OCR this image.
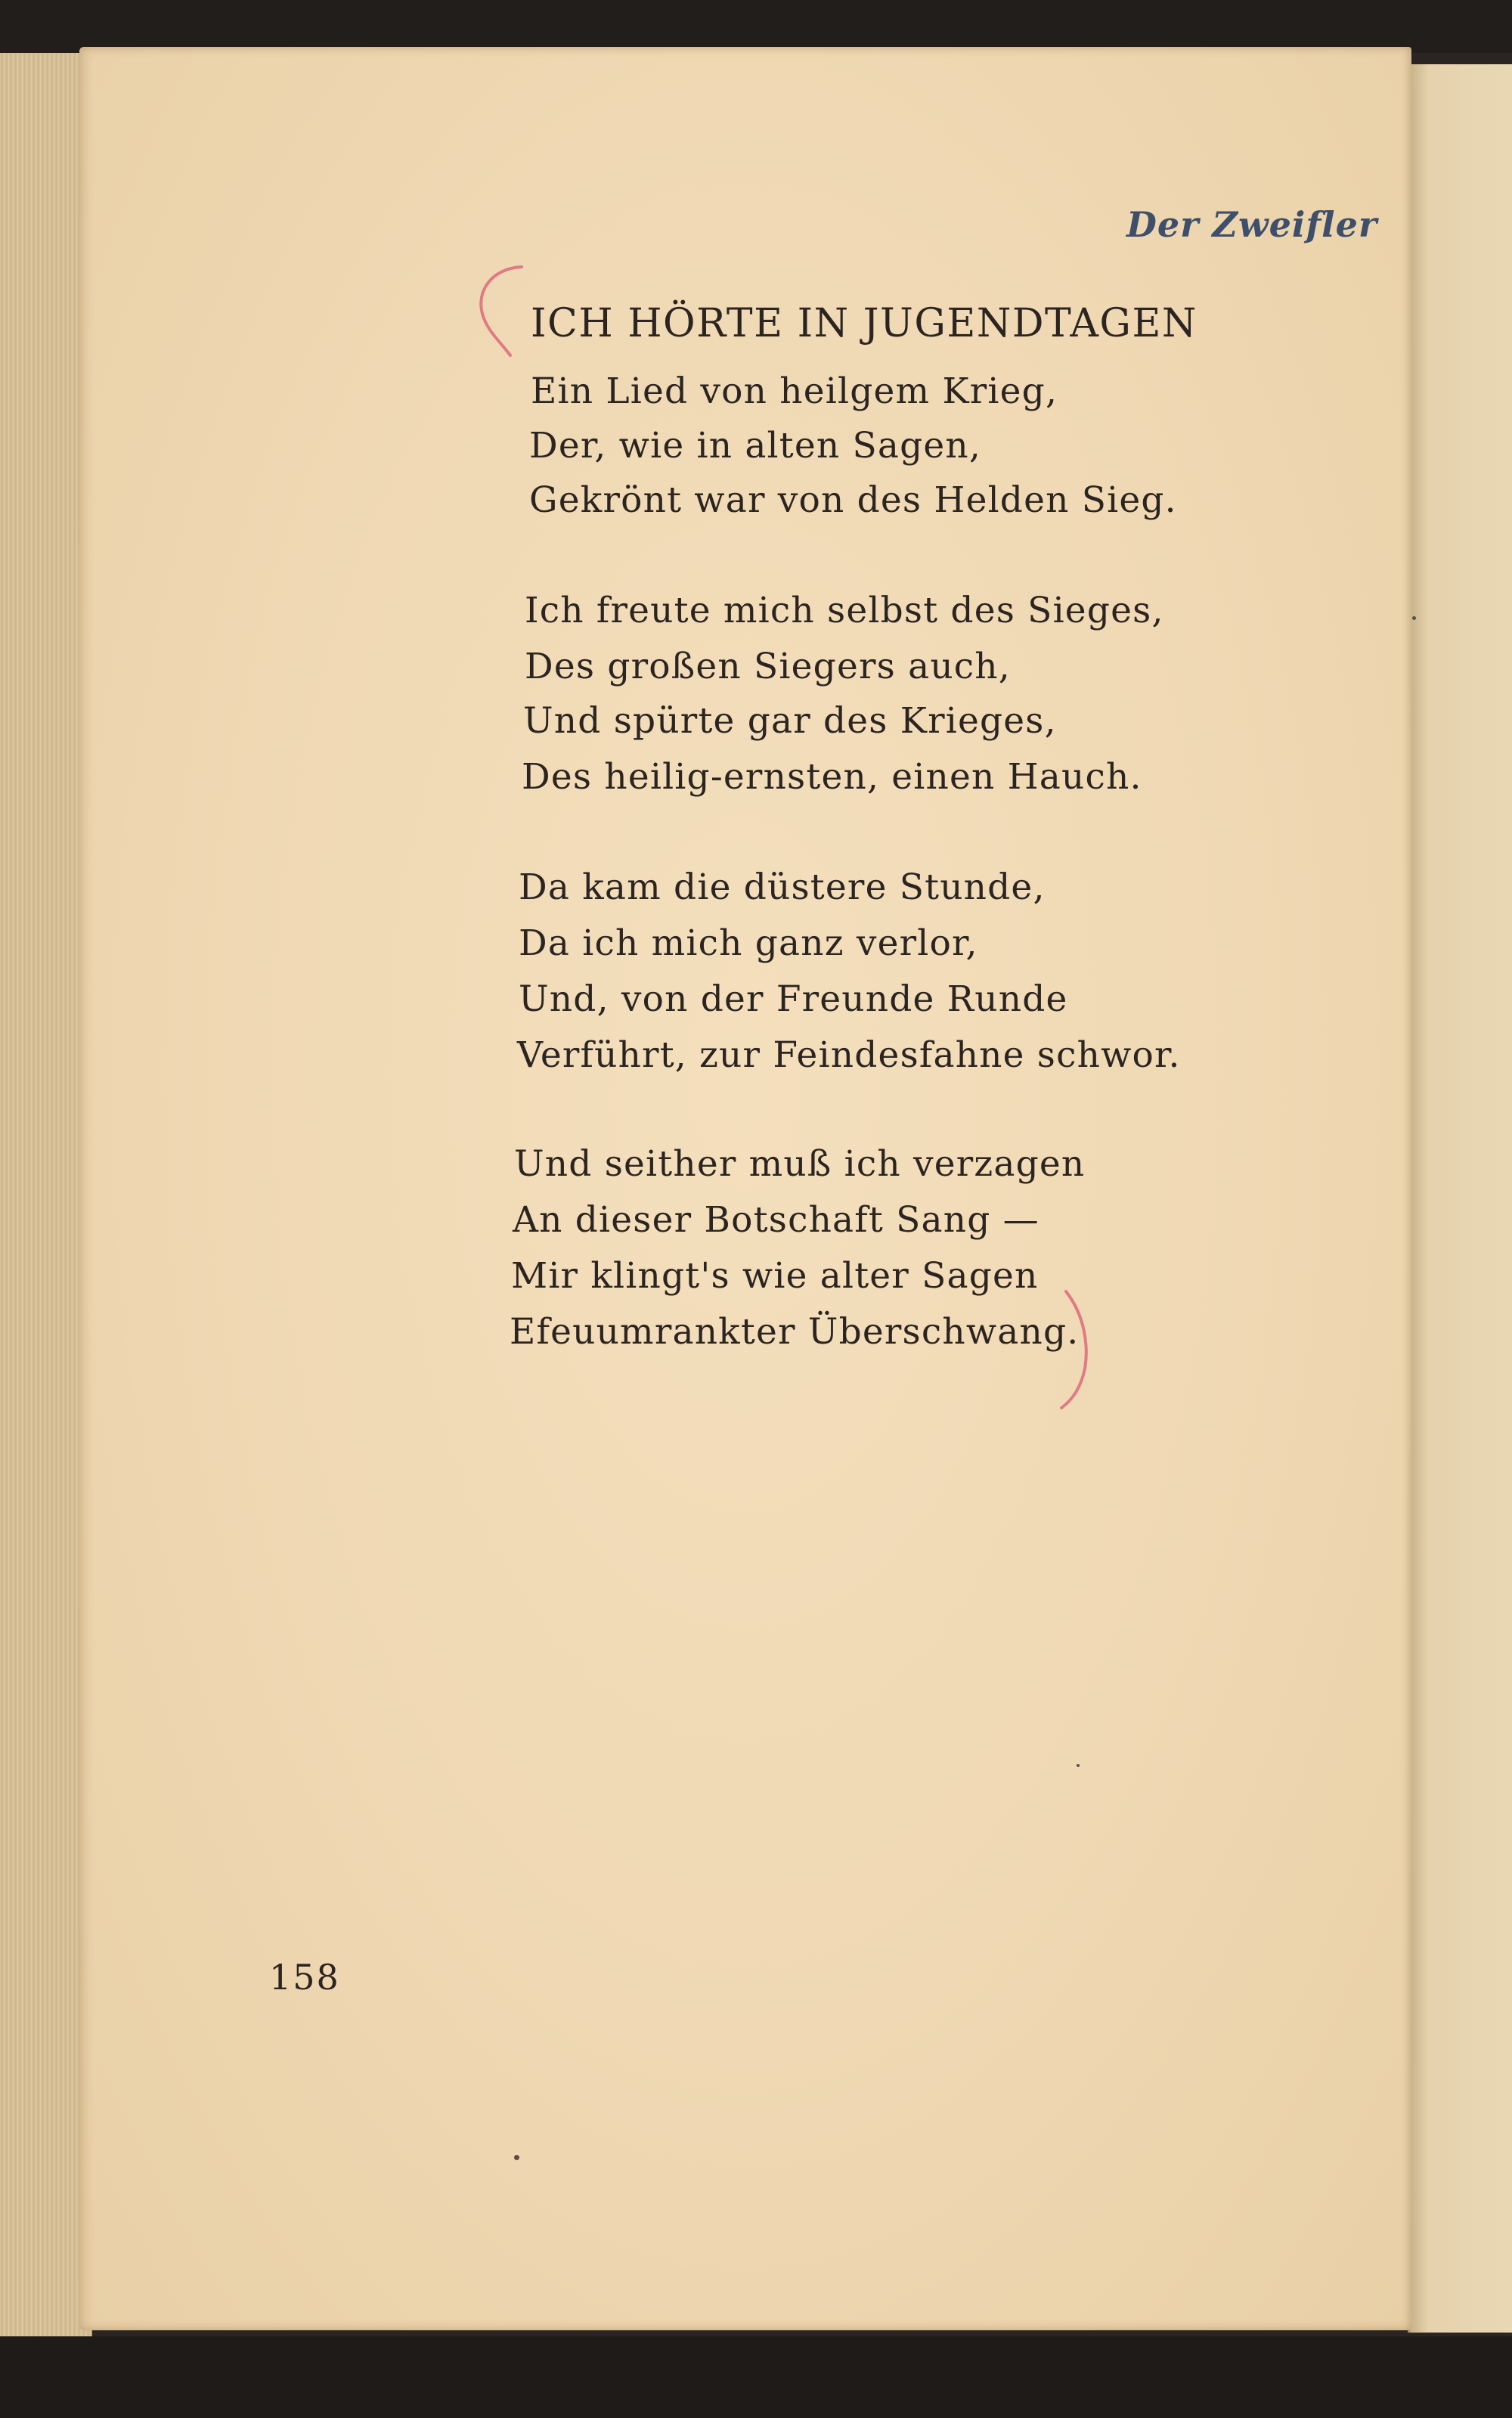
Der Zweifler
ICH HÖRTE IN JUGENDTAGEN
Ein Lied von heilgem Krieg,
Der, wie in alten Sagen,
Gekrönt war von des Helden Sieg.
Ich freute mich selbst des Sieges,
Des großen Siegers auch,
Und spürte gar des Krieges,
Des heilig-ernsten, einen Hauch.
Da kam die düstere Stunde,
Da ich mich ganz verlor,
Und, von der Freunde Runde
Verführt, zur Feindesfahne schwor.
Und seither muß ich verzagen
An dieser Botschaft Sang —
Mir klingt's wie alter Sagen
Efeuumrankter Überschwang.
158
